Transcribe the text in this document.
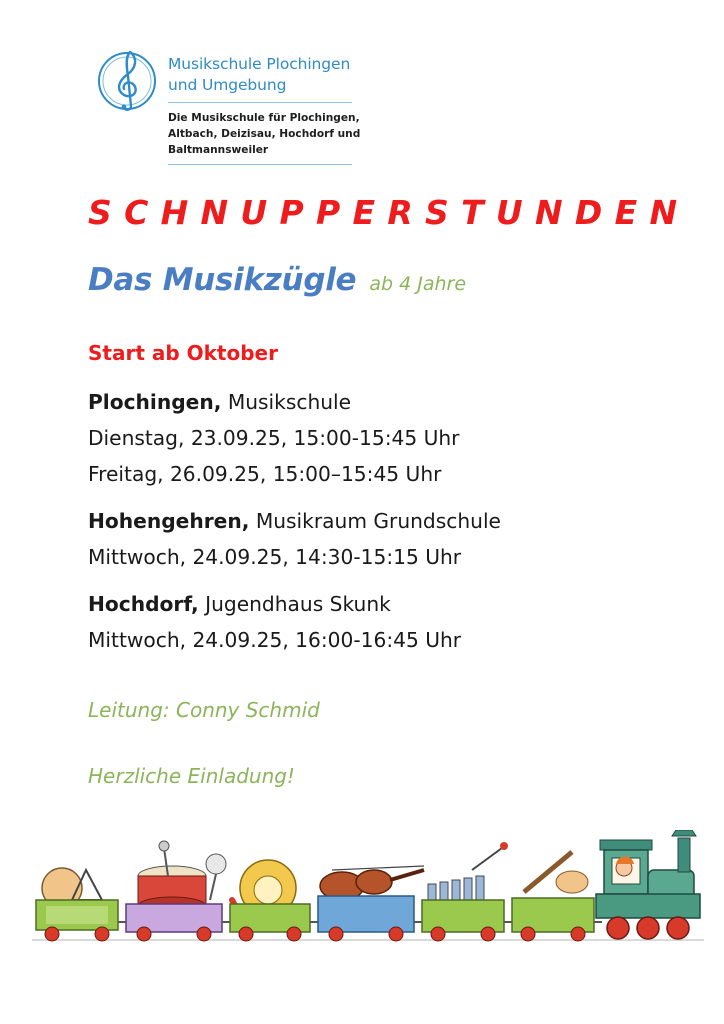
Musikschule Plochingen
und Umgebung
Die Musikschule für Plochingen,
Altbach, Deizisau, Hochdorf und
Baltmannsweiler
SCHNUPPERSTUNDEN
Das Musikzügle ab 4 Jahre
Start ab Oktober
Plochingen, Musikschule
Dienstag, 23.09.25, 15:00-15:45 Uhr
Freitag, 26.09.25, 15:00–15:45 Uhr
Hohengehren, Musikraum Grundschule
Mittwoch, 24.09.25, 14:30-15:15 Uhr
Hochdorf, Jugendhaus Skunk
Mittwoch, 24.09.25, 16:00-16:45 Uhr
Leitung: Conny Schmid
Herzliche Einladung!
